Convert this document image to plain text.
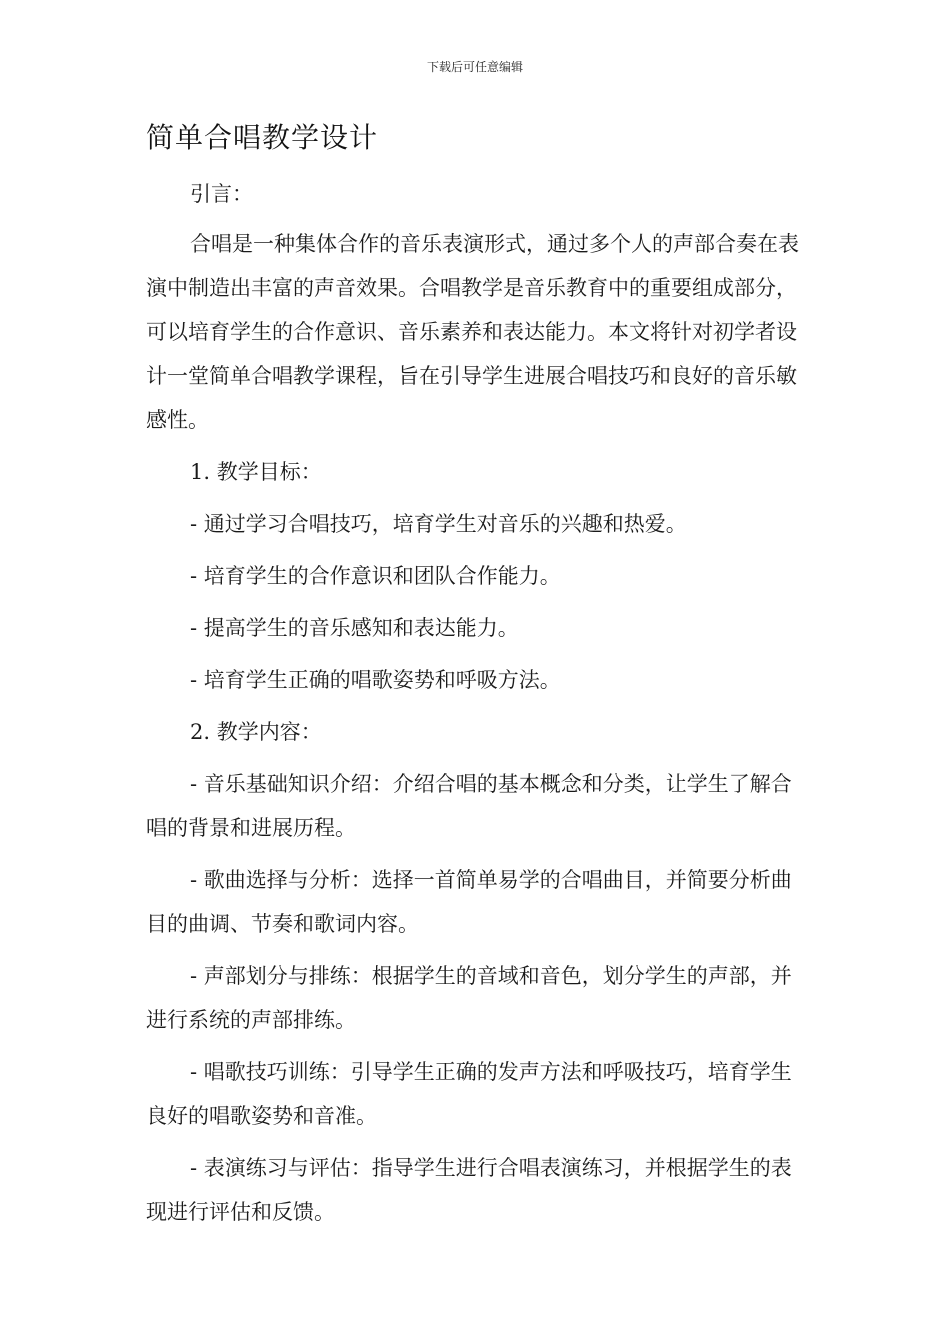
下载后可任意编辑
简单合唱教学设计

引言：

合唱是一种集体合作的音乐表演形式，通过多个人的声部合奏在表演中制造出丰富的声音效果。合唱教学是音乐教育中的重要组成部分，可以培育学生的合作意识、音乐素养和表达能力。本文将针对初学者设计一堂简单合唱教学课程，旨在引导学生进展合唱技巧和良好的音乐敏感性。

1. 教学目标：

- 通过学习合唱技巧，培育学生对音乐的兴趣和热爱。

- 培育学生的合作意识和团队合作能力。

- 提高学生的音乐感知和表达能力。

- 培育学生正确的唱歌姿势和呼吸方法。

2. 教学内容：

- 音乐基础知识介绍：介绍合唱的基本概念和分类，让学生了解合唱的背景和进展历程。

- 歌曲选择与分析：选择一首简单易学的合唱曲目，并简要分析曲目的曲调、节奏和歌词内容。

- 声部划分与排练：根据学生的音域和音色，划分学生的声部，并进行系统的声部排练。

- 唱歌技巧训练：引导学生正确的发声方法和呼吸技巧，培育学生良好的唱歌姿势和音准。

- 表演练习与评估：指导学生进行合唱表演练习，并根据学生的表现进行评估和反馈。
